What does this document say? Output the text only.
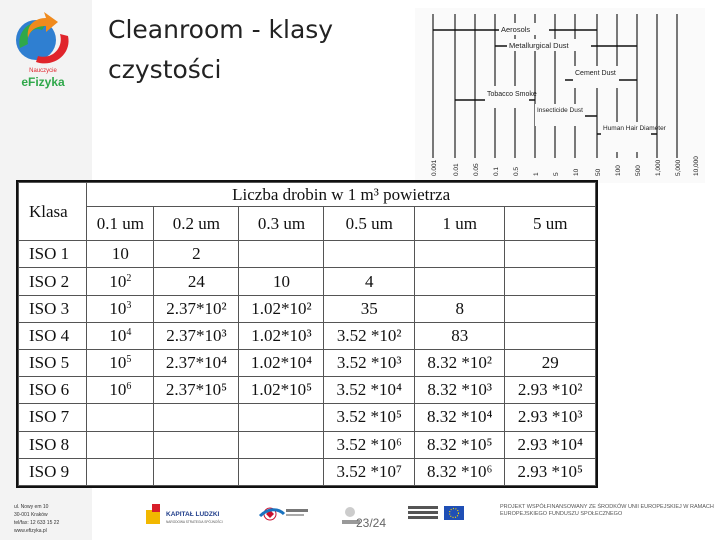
Nauczycie
eFizyka
ul. Nowy em 10
30-001 Kraków
tel/fax: 12 633 15 22
www.efizyka.pl
Cleanroom - klasy czystości
Aerosols
Metallurgical Dust
Cement Dust
Tobacco Smoke
Insecticide Dust
Human Hair Diameter
0.001 0.01 0.05 0.1 0.5 1 5 10 50 100 500 1,000 5,000 10,000
Klasa	Liczba drobin w 1 m³ powietrza					
	0.1 um	0.2 um	0.3 um	0.5 um	1 um	5 um
ISO 1	10	2				
ISO 2	$10^2$	24	10	4		
ISO 3	$10^3$	2.37*10²	1.02*10²	35	8	
ISO 4	$10^4$	2.37*10³	1.02*10³	3.52 *10²	83	
ISO 5	$10^5$	2.37*10⁴	1.02*10⁴	3.52 *10³	8.32 *10²	29
ISO 6	$10^6$	2.37*10⁵	1.02*10⁵	3.52 *10⁴	8.32 *10³	2.93 *10²
ISO 7				3.52 *10⁵	8.32 *10⁴	2.93 *10³
ISO 8				3.52 *10⁶	8.32 *10⁵	2.93 *10⁴
ISO 9				3.52 *10⁷	8.32 *10⁶	2.93 *10⁵
KAPITAŁ LUDZKI
NARODOWA STRATEGIA SPÓJNOŚCI	23/24
PROJEKT WSPÓŁFINANSOWANY ZE ŚRODKÓW UNII EUROPEJSKIEJ W RAMACH EUROPEJSKIEGO FUNDUSZU SPOŁECZNEGO
